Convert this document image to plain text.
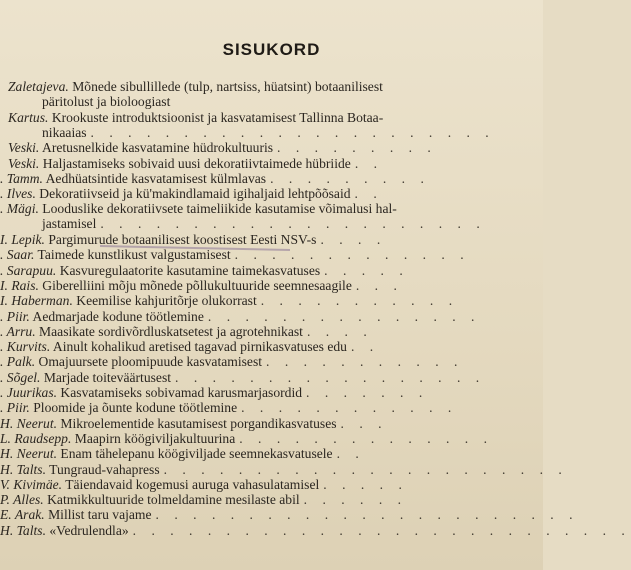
SISUKORD
Zaletajeva. Mõnede sibullillede (tulp, nartsiss, hüatsint) botaanilisest
päritolust ja bioloogiast
Kartus. Krookuste introduktsioonist ja kasvatamisest Tallinna Botaa-
nikaaias . . . . . . . . . . . . . . . . . . . . . .
Veski. Aretusnelkide kasvatamine hüdrokultuuris . . . . . . . . .
Veski. Haljastamiseks sobivaid uusi dekoratiivtaimede hübriide . .
. Tamm. Aedhüatsintide kasvatamisest külmlavas . . . . . . . . .
. Ilves. Dekoratiivseid ja kü'makindlamaid igihaljaid lehtpõõsaid . .
. Mägi. Looduslike dekoratiivsete taimeliikide kasutamise võimalusi hal-
jastamisel . . . . . . . . . . . . . . . . . . . . .
I. Lepik. Pargimurude botaanilisest koostisest Eesti NSV-s . . . .
. Saar. Taimede kunstlikust valgustamisest . . . . . . . . . . . . .
. Sarapuu. Kasvuregulaatorite kasutamine taimekasvatuses . . . . .
I. Rais. Giberelliini mõju mõnede põllukultuuride seemnesaagile . . .
I. Haberman. Keemilise kahjuritõrje olukorrast . . . . . . . . . . .
. Piir. Aedmarjade kodune töötlemine . . . . . . . . . . . . . . .
. Arru. Maasikate sordivõrdluskatsetest ja agrotehnikast . . . .
. Kurvits. Ainult kohalikud aretised tagavad pirnikasvatuses edu . .
. Palk. Omajuursete ploomipuude kasvatamisest . . . . . . . . . . .
. Sõgel. Marjade toiteväärtusest . . . . . . . . . . . . . . . . .
. Juurikas. Kasvatamiseks sobivamad karusmarjasordid . . . . . . .
. Piir. Ploomide ja õunte kodune töötlemine . . . . . . . . . . . .
H. Neerut. Mikroelementide kasutamisest porgandikasvatuses . . .
L. Raudsepp. Maapirn köögiviljakultuurina . . . . . . . . . . . . . .
H. Neerut. Enam tähelepanu köögiviljade seemnekasvatusele . .
H. Talts. Tungraud-vahapress . . . . . . . . . . . . . . . . . . . . . .
V. Kivimäe. Täiendavaid kogemusi auruga vahasulatamisel . . . . .
P. Alles. Katmikkultuuride tolmeldamine mesilaste abil . . . . . .
E. Arak. Millist taru vajame . . . . . . . . . . . . . . . . . . . . . . .
H. Talts. «Vedrulendla» . . . . . . . . . . . . . . . . . . . . . . . . . . .
